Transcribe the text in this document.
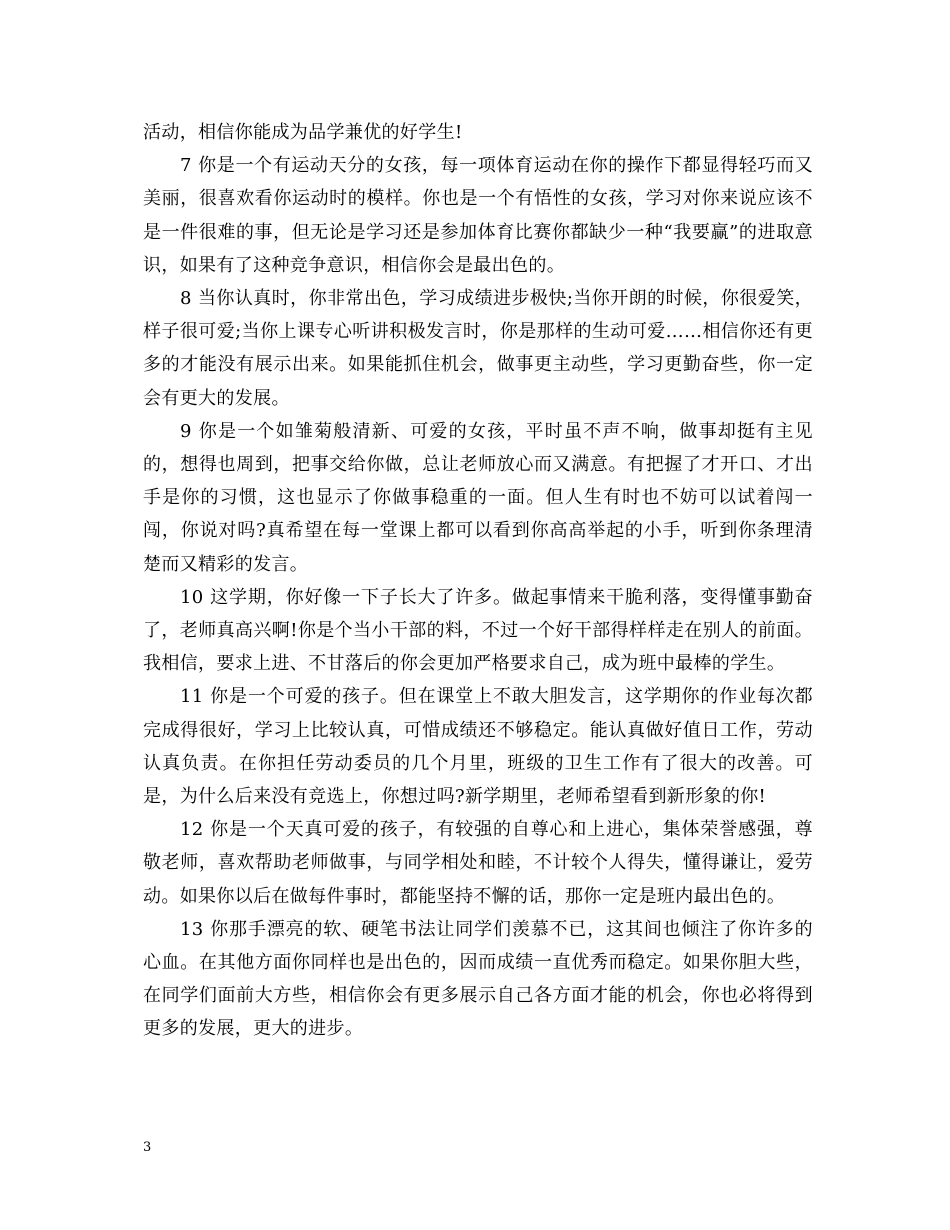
活动，相信你能成为品学兼优的好学生!

7 你是一个有运动天分的女孩，每一项体育运动在你的操作下都显得轻巧而又美丽，很喜欢看你运动时的模样。你也是一个有悟性的女孩，学习对你来说应该不是一件很难的事，但无论是学习还是参加体育比赛你都缺少一种“我要赢”的进取意识，如果有了这种竞争意识，相信你会是最出色的。

8 当你认真时，你非常出色，学习成绩进步极快;当你开朗的时候，你很爱笑，样子很可爱;当你上课专心听讲积极发言时，你是那样的生动可爱……相信你还有更多的才能没有展示出来。如果能抓住机会，做事更主动些，学习更勤奋些，你一定会有更大的发展。

9 你是一个如雏菊般清新、可爱的女孩，平时虽不声不响，做事却挺有主见的，想得也周到，把事交给你做，总让老师放心而又满意。有把握了才开口、才出手是你的习惯，这也显示了你做事稳重的一面。但人生有时也不妨可以试着闯一闯，你说对吗?真希望在每一堂课上都可以看到你高高举起的小手，听到你条理清楚而又精彩的发言。

10 这学期，你好像一下子长大了许多。做起事情来干脆利落，变得懂事勤奋了，老师真高兴啊!你是个当小干部的料，不过一个好干部得样样走在别人的前面。我相信，要求上进、不甘落后的你会更加严格要求自己，成为班中最棒的学生。

11 你是一个可爱的孩子。但在课堂上不敢大胆发言，这学期你的作业每次都完成得很好，学习上比较认真，可惜成绩还不够稳定。能认真做好值日工作，劳动认真负责。在你担任劳动委员的几个月里，班级的卫生工作有了很大的改善。可是，为什么后来没有竞选上，你想过吗?新学期里，老师希望看到新形象的你!

12 你是一个天真可爱的孩子，有较强的自尊心和上进心，集体荣誉感强，尊敬老师，喜欢帮助老师做事，与同学相处和睦，不计较个人得失，懂得谦让，爱劳动。如果你以后在做每件事时，都能坚持不懈的话，那你一定是班内最出色的。

13 你那手漂亮的软、硬笔书法让同学们羡慕不已，这其间也倾注了你许多的心血。在其他方面你同样也是出色的，因而成绩一直优秀而稳定。如果你胆大些，在同学们面前大方些，相信你会有更多展示自己各方面才能的机会，你也必将得到更多的发展，更大的进步。

3
